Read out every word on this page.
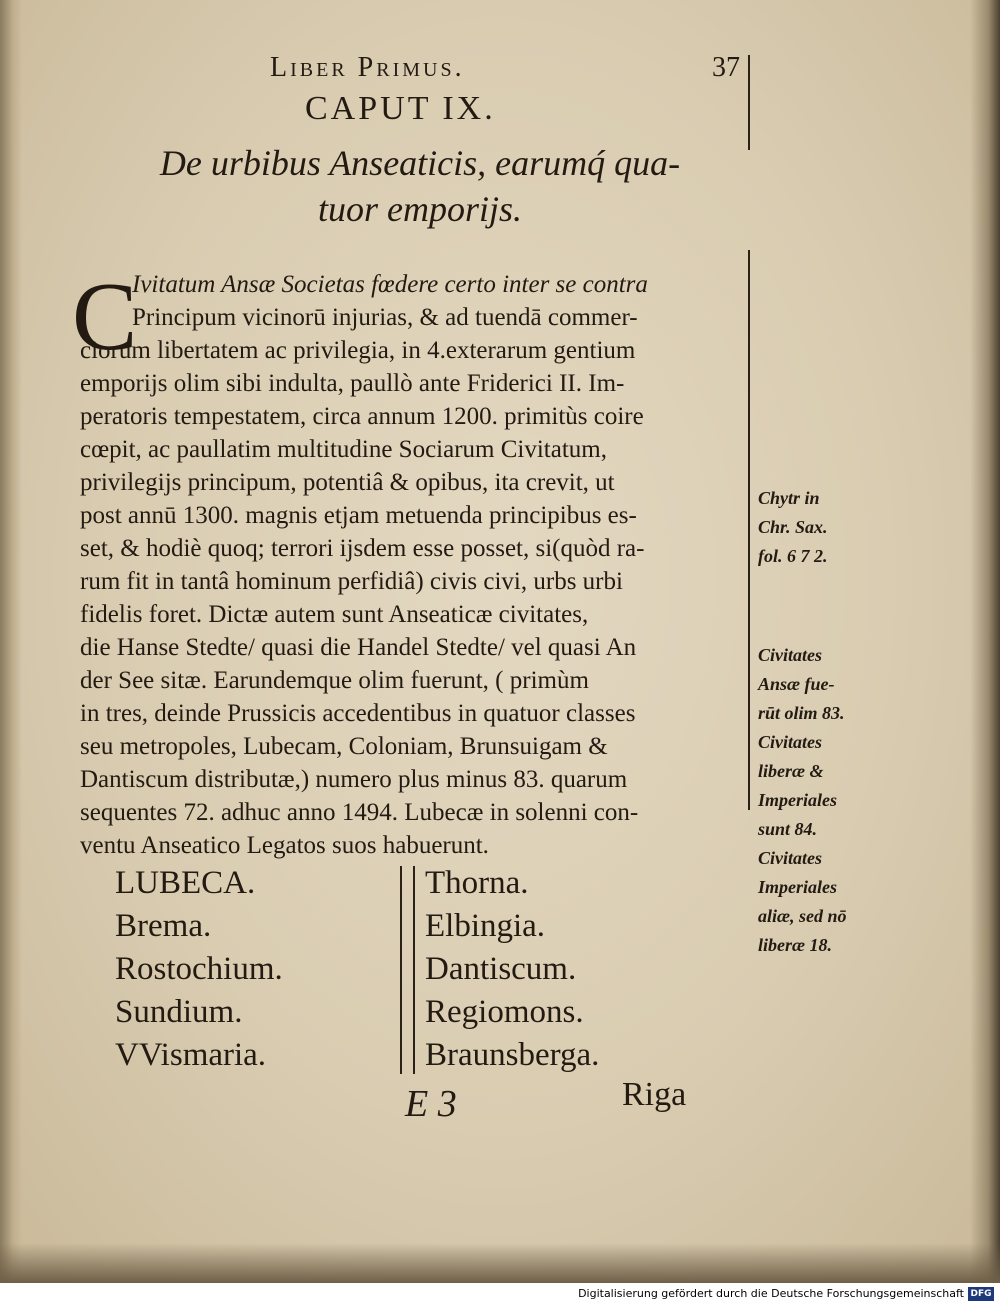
Liber Primus.	37
CAPUT IX.
De urbibus Anseaticis, earumq́ qua-
tuor emporijs.
C
Ivitatum Ansæ Societas fœdere certo inter se contra
Principum vicinorū injurias, & ad tuendā commer-
ciorum libertatem ac privilegia, in 4.exterarum gentium
emporijs olim sibi indulta, paullò ante Friderici II. Im-
peratoris tempestatem, circa annum 1200. primitùs coire
cœpit, ac paullatim multitudine Sociarum Civitatum,
privilegijs principum, potentiâ & opibus, ita crevit, ut
post annū 1300. magnis etjam metuenda principibus es-
set, & hodiè quoq; terrori ijsdem esse posset, si(quòd ra-
rum fit in tantâ hominum perfidiâ) civis civi, urbs urbi
fidelis foret. Dictæ autem sunt Anseaticæ civitates,
die Hanse Stedte/ quasi die Handel Stedte/ vel quasi An
der See sitæ. Earundemque olim fuerunt, ( primùm
in tres, deinde Prussicis accedentibus in quatuor classes
seu metropoles, Lubecam, Coloniam, Brunsuigam &
Dantiscum distributæ,) numero plus minus 83. quarum
sequentes 72. adhuc anno 1494. Lubecæ in solenni con-
ventu Anseatico Legatos suos habuerunt.
LUBECA.
Brema.
Rostochium.
Sundium.
VVismaria.
Thorna.
Elbingia.
Dantiscum.
Regiomons.
Braunsberga.
E 3	Riga
Chytr in
Chr. Sax.
fol. 6 7 2.
Civitates
Ansæ fue-
rūt olim 83.
Civitates
liberæ &
Imperiales
sunt 84.
Civitates
Imperiales
aliæ, sed nō
liberæ 18.
Digitalisierung gefördert durch die Deutsche Forschungsgemeinschaft DFG
